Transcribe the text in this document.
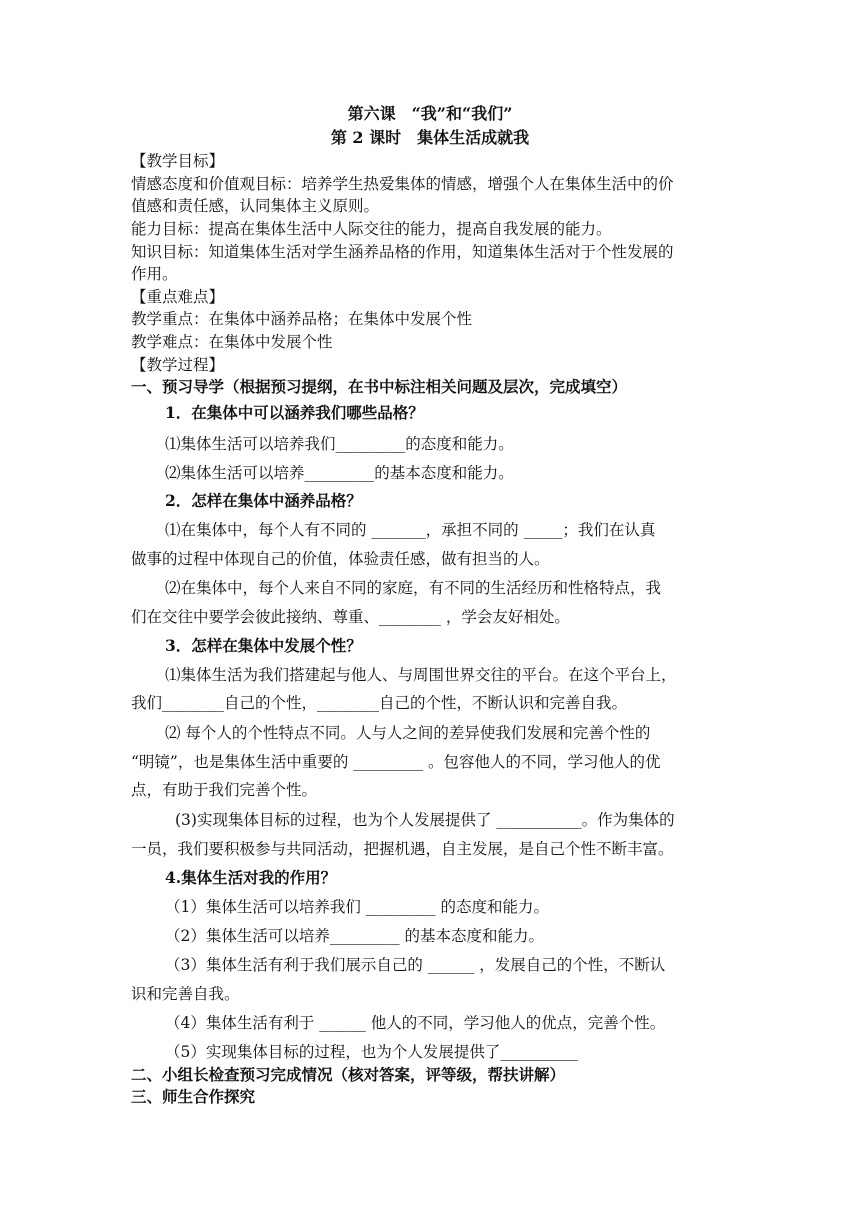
第六课　“我”和“我们”
第 2 课时　集体生活成就我
【教学目标】
情感态度和价值观目标：培养学生热爱集体的情感，增强个人在集体生活中的价
值感和责任感，认同集体主义原则。
能力目标：提高在集体生活中人际交往的能力，提高自我发展的能力。
知识目标：知道集体生活对学生涵养品格的作用，知道集体生活对于个性发展的
作用。
【重点难点】
教学重点：在集体中涵养品格；在集体中发展个性
教学难点：在集体中发展个性
【教学过程】
一、预习导学（根据预习提纲，在书中标注相关问题及层次，完成填空）
1．在集体中可以涵养我们哪些品格？
⑴集体生活可以培养我们_________的态度和能力。
⑵集体生活可以培养_________的基本态度和能力。
2．怎样在集体中涵养品格？
⑴在集体中，每个人有不同的 _______，承担不同的 _____；我们在认真
做事的过程中体现自己的价值，体验责任感，做有担当的人。
⑵在集体中，每个人来自不同的家庭，有不同的生活经历和性格特点，我
们在交往中要学会彼此接纳、尊重、________ ，学会友好相处。
3．怎样在集体中发展个性？
⑴集体生活为我们搭建起与他人、与周围世界交往的平台。在这个平台上，
我们________自己的个性，________自己的个性，不断认识和完善自我。
⑵ 每个人的个性特点不同。人与人之间的差异使我们发展和完善个性的
“明镜”，也是集体生活中重要的 _________ 。包容他人的不同，学习他人的优
点，有助于我们完善个性。
(3)实现集体目标的过程，也为个人发展提供了 ___________。作为集体的
一员，我们要积极参与共同活动，把握机遇，自主发展，是自己个性不断丰富。
4.集体生活对我的作用？
（1）集体生活可以培养我们 _________ 的态度和能力。
（2）集体生活可以培养_________ 的基本态度和能力。
（3）集体生活有利于我们展示自己的 ______ ，发展自己的个性，不断认
识和完善自我。
（4）集体生活有利于 ______ 他人的不同，学习他人的优点，完善个性。
（5）实现集体目标的过程，也为个人发展提供了__________
二、小组长检查预习完成情况（核对答案，评等级，帮扶讲解）
三、师生合作探究
